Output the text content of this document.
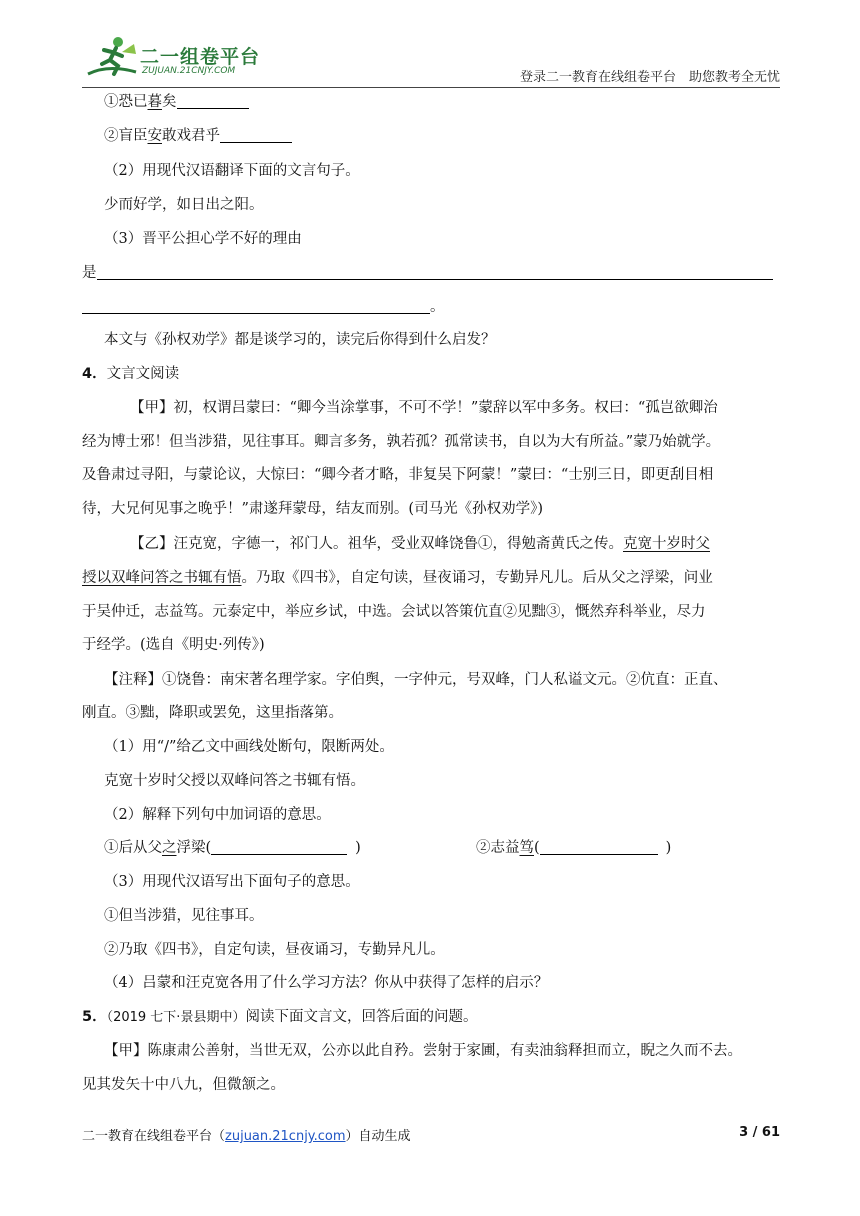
二一组卷平台
ZUJUAN.21CNJY.COM	登录二一教育在线组卷平台　助您教考全无忧
①恐已暮矣
②盲臣安敢戏君乎
（2）用现代汉语翻译下面的文言句子。
少而好学，如日出之阳。
（3）晋平公担心学不好的理由
是
。
本文与《孙权劝学》都是谈学习的，读完后你得到什么启发？
4．文言文阅读
【甲】初，权谓吕蒙曰：“卿今当涂掌事，不可不学！”蒙辞以军中多务。权曰：“孤岂欲卿治
经为博士邪！但当涉猎，见往事耳。卿言多务，孰若孤？孤常读书，自以为大有所益。”蒙乃始就学。
及鲁肃过寻阳，与蒙论议，大惊曰：“卿今者才略，非复吴下阿蒙！”蒙曰：“士别三日，即更刮目相
待，大兄何见事之晚乎！”肃遂拜蒙母，结友而别。(司马光《孙权劝学》)
【乙】汪克宽，字德一，祁门人。祖华，受业双峰饶鲁①，得勉斋黄氏之传。克宽十岁时父
授以双峰问答之书辄有悟。乃取《四书》，自定句读，昼夜诵习，专勤异凡儿。后从父之浮梁，问业
于吴仲迁，志益笃。元泰定中，举应乡试，中选。会试以答策伉直②见黜③，慨然弃科举业，尽力
于经学。(选自《明史·列传》)
【注释】①饶鲁：南宋著名理学家。字伯舆，一字仲元，号双峰，门人私谥文元。②伉直：正直、
刚直。③黜，降职或罢免，这里指落第。
（1）用“/”给乙文中画线处断句，限断两处。
克宽十岁时父授以双峰问答之书辄有悟。
（2）解释下列句中加词语的意思。
①后从父之浮梁(	)	②志益笃(	)
（3）用现代汉语写出下面句子的意思。
①但当涉猎，见往事耳。
②乃取《四书》，自定句读，昼夜诵习，专勤异凡儿。
（4）吕蒙和汪克宽各用了什么学习方法？你从中获得了怎样的启示？
5．（2019 七下·景县期中）阅读下面文言文，回答后面的问题。
【甲】陈康肃公善射，当世无双，公亦以此自矜。尝射于家圃，有卖油翁释担而立，睨之久而不去。
见其发矢十中八九，但微颔之。
二一教育在线组卷平台（zujuan.21cnjy.com）自动生成	3 / 61
